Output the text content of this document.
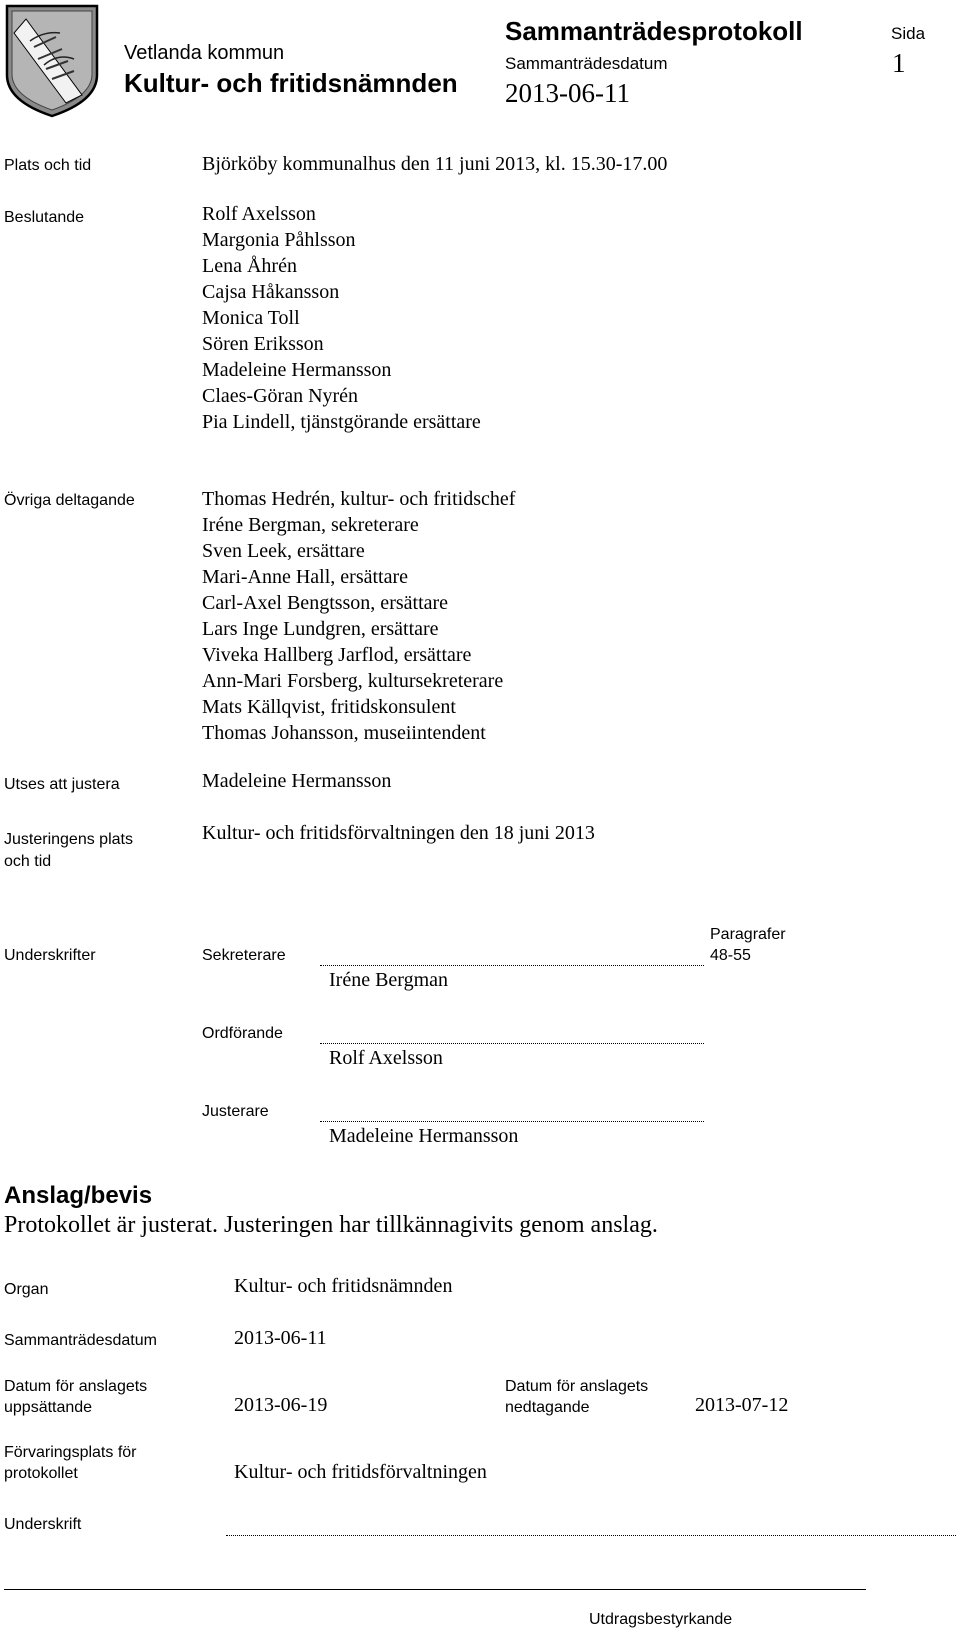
Vetlanda kommun
Kultur- och fritidsnämnden
Sammanträdesprotokoll
Sammanträdesdatum
2013-06-11
Sida
1
Plats och tid	Björköby kommunalhus den 11 juni 2013, kl. 15.30-17.00
Beslutande	Rolf Axelsson
Margonia Påhlsson
Lena Åhrén
Cajsa Håkansson
Monica Toll
Sören Eriksson
Madeleine Hermansson
Claes-Göran Nyrén
Pia Lindell, tjänstgörande ersättare
Övriga deltagande	Thomas Hedrén, kultur- och fritidschef
Iréne Bergman, sekreterare
Sven Leek, ersättare
Mari-Anne Hall, ersättare
Carl-Axel Bengtsson, ersättare
Lars Inge Lundgren, ersättare
Viveka Hallberg Jarflod, ersättare
Ann-Mari Forsberg, kultursekreterare
Mats Källqvist, fritidskonsulent
Thomas Johansson, museiintendent
Utses att justera	Madeleine Hermansson
Justeringens plats
och tid
Kultur- och fritidsförvaltningen den 18 juni 2013
Underskrifter	Sekreterare
Iréne Bergman
Paragrafer
48-55
Ordförande
Rolf Axelsson
Justerare
Madeleine Hermansson
Anslag/bevis
Protokollet är justerat. Justeringen har tillkännagivits genom anslag.
Organ	Kultur- och fritidsnämnden
Sammanträdesdatum	2013-06-11
Datum för anslagets
uppsättande	2013-06-19
Datum för anslagets
nedtagande	2013-07-12
Förvaringsplats för
protokollet	Kultur- och fritidsförvaltningen
Underskrift
Utdragsbestyrkande
